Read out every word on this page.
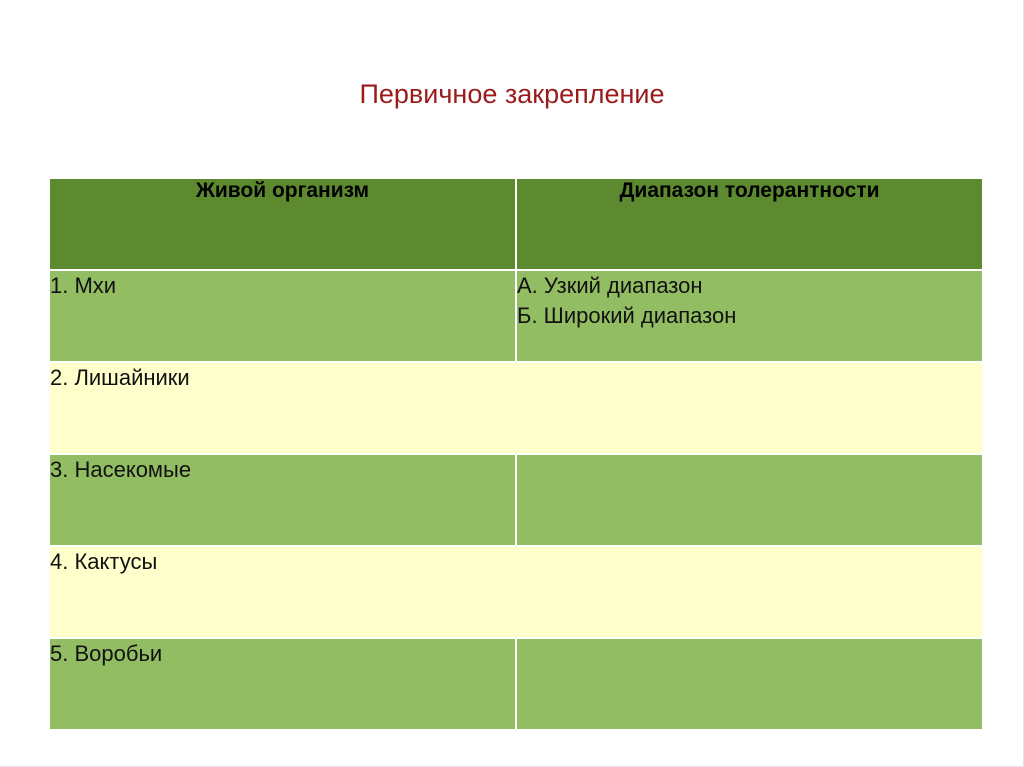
Первичное закрепление
Живой организм	Диапазон толерантности
1. Мхи	А. Узкий диапазон
Б. Широкий диапазон

2. Лишайники	
3. Насекомые	
4. Кактусы	
5. Воробьи	
